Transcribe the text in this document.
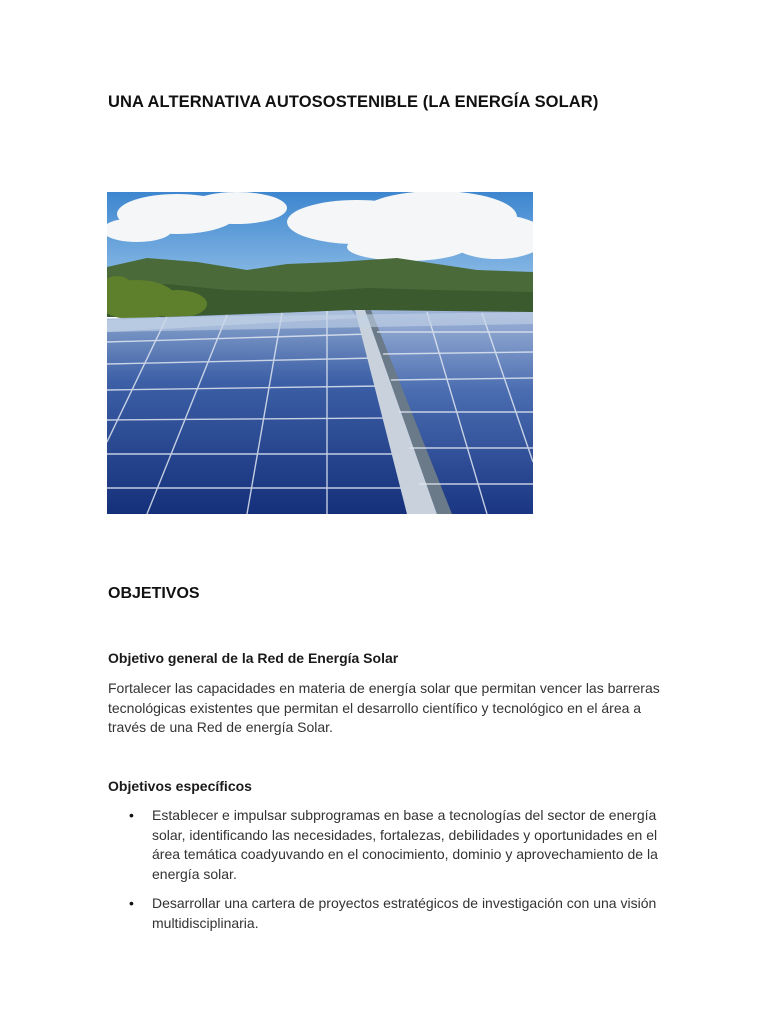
UNA ALTERNATIVA AUTOSOSTENIBLE (LA ENERGÍA SOLAR)
OBJETIVOS
Objetivo general de la Red de Energía Solar

Fortalecer las capacidades en materia de energía solar que permitan vencer las barreras tecnológicas existentes que permitan el desarrollo científico y tecnológico en el área a través de una Red de energía Solar.

Objetivos específicos
• Establecer e impulsar subprogramas en base a tecnologías del sector de energía solar, identificando las necesidades, fortalezas, debilidades y oportunidades en el área temática coadyuvando en el conocimiento, dominio y aprovechamiento de la energía solar.
• Desarrollar una cartera de proyectos estratégicos de investigación con una visión multidisciplinaria.
